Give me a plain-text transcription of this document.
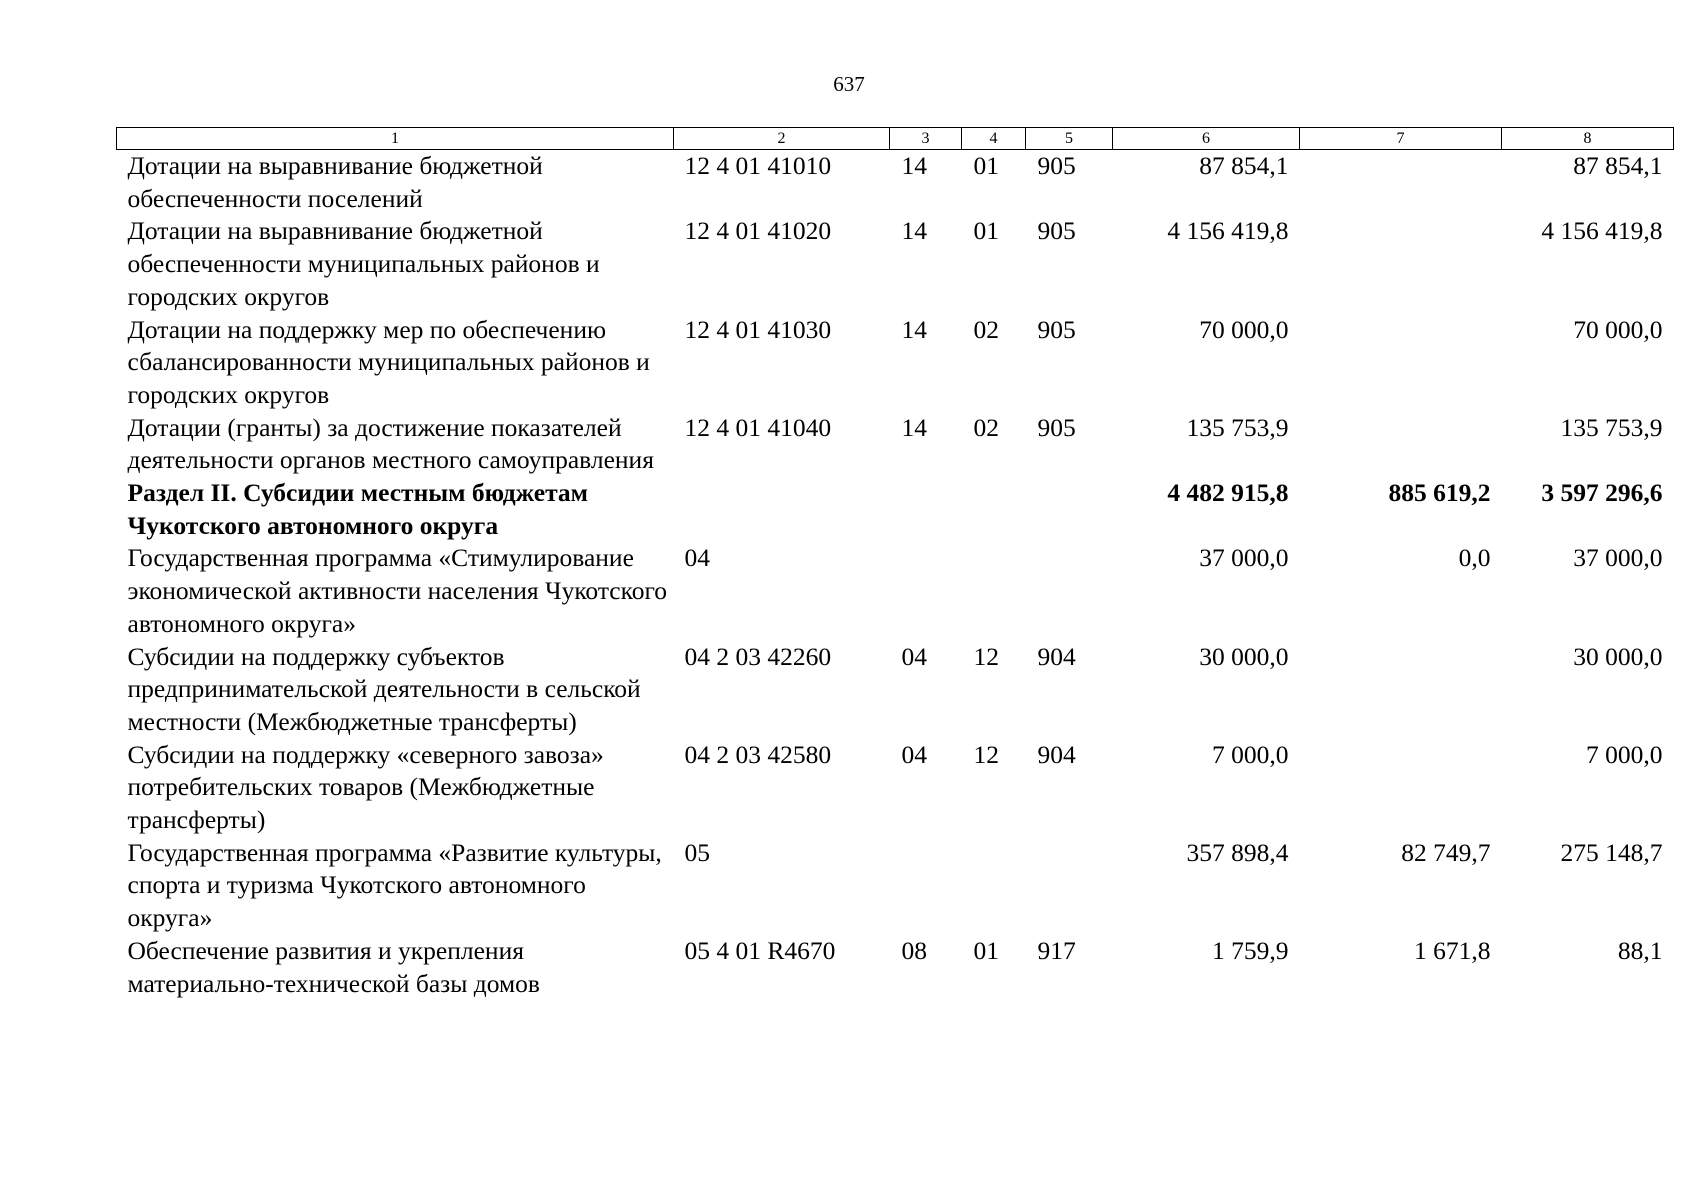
637
1	2	3	4	5	6	7	8
Дотации на выравнивание бюджетной обеспеченности поселений	12 4 01 41010	14	01	905	87 854,1		87 854,1
Дотации на выравнивание бюджетной обеспеченности муниципальных районов и городских округов	12 4 01 41020	14	01	905	4 156 419,8		4 156 419,8
Дотации на поддержку мер по обеспечению сбалансированности муниципальных районов и городских округов	12 4 01 41030	14	02	905	70 000,0		70 000,0
Дотации (гранты) за достижение показателей деятельности органов местного самоуправления	12 4 01 41040	14	02	905	135 753,9		135 753,9
Раздел II. Субсидии местным бюджетам Чукотского автономного округа					4 482 915,8	885 619,2	3 597 296,6
Государственная программа «Стимулирование экономической активности населения Чукотского автономного округа»	04				37 000,0	0,0	37 000,0
Субсидии на поддержку субъектов предпринимательской деятельности в сельской местности (Межбюджетные трансферты)	04 2 03 42260	04	12	904	30 000,0		30 000,0
Субсидии на поддержку «северного завоза» потребительских товаров (Межбюджетные трансферты)	04 2 03 42580	04	12	904	7 000,0		7 000,0
Государственная программа «Развитие культуры, спорта и туризма Чукотского автономного округа»	05				357 898,4	82 749,7	275 148,7
Обеспечение развития и укрепления материально-технической базы домов	05 4 01 R4670	08	01	917	1 759,9	1 671,8	88,1
